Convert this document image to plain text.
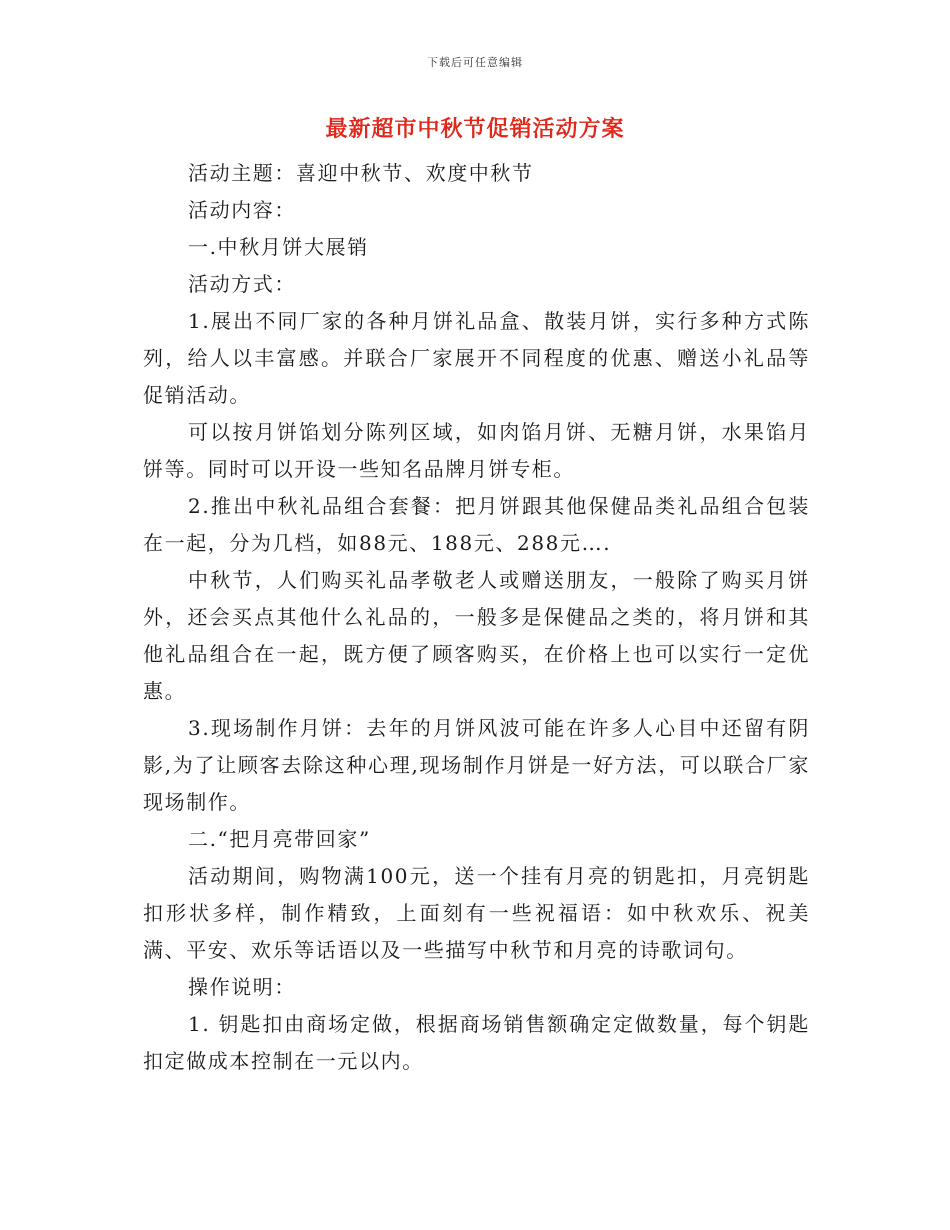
下载后可任意编辑
最新超市中秋节促销活动方案

活动主题：喜迎中秋节、欢度中秋节

活动内容：

一.中秋月饼大展销

活动方式：

1.展出不同厂家的各种月饼礼品盒、散装月饼，实行多种方式陈列，给人以丰富感。并联合厂家展开不同程度的优惠、赠送小礼品等促销活动。

可以按月饼馅划分陈列区域，如肉馅月饼、无糖月饼，水果馅月饼等。同时可以开设一些知名品牌月饼专柜。

2.推出中秋礼品组合套餐：把月饼跟其他保健品类礼品组合包装在一起，分为几档，如88元、188元、288元….

中秋节，人们购买礼品孝敬老人或赠送朋友，一般除了购买月饼外，还会买点其他什么礼品的，一般多是保健品之类的，将月饼和其他礼品组合在一起，既方便了顾客购买，在价格上也可以实行一定优惠。

3.现场制作月饼：去年的月饼风波可能在许多人心目中还留有阴影,为了让顾客去除这种心理,现场制作月饼是一好方法，可以联合厂家现场制作。

二.“把月亮带回家”

活动期间，购物满100元，送一个挂有月亮的钥匙扣，月亮钥匙扣形状多样，制作精致，上面刻有一些祝福语：如中秋欢乐、祝美满、平安、欢乐等话语以及一些描写中秋节和月亮的诗歌词句。

操作说明：

1. 钥匙扣由商场定做，根据商场销售额确定定做数量，每个钥匙扣定做成本控制在一元以内。
